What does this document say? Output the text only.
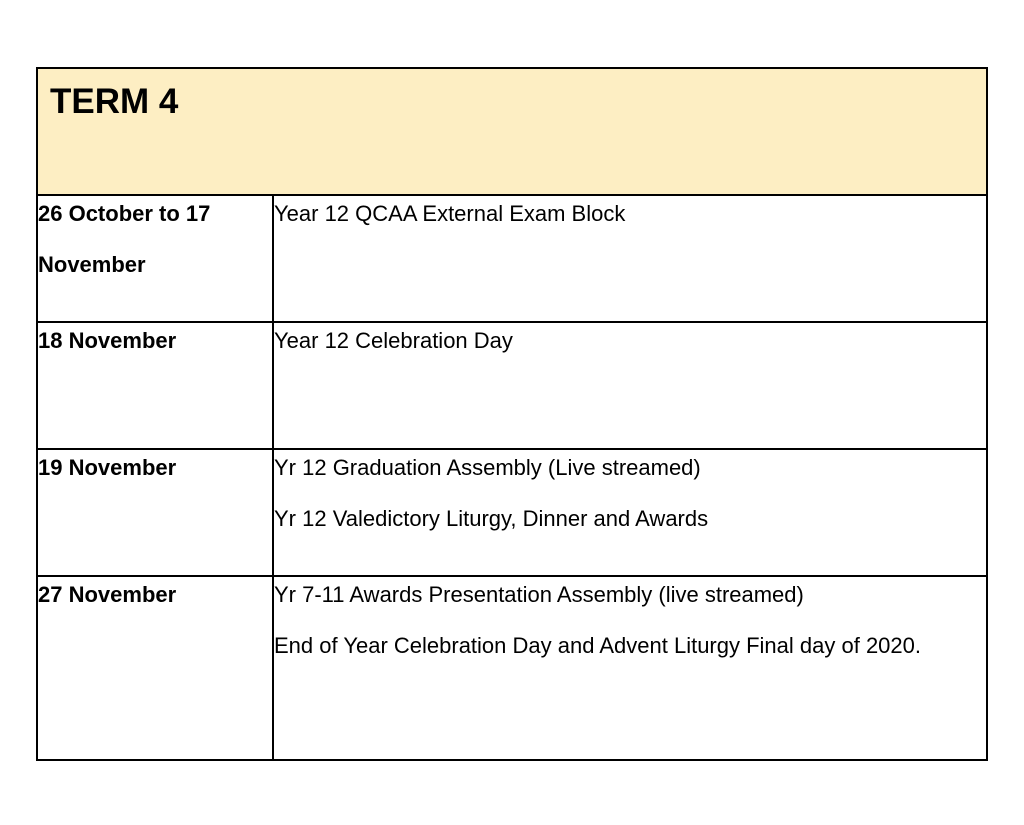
TERM 4	

26 October to 17 November	Year 12 QCAA External Exam Block

18 November	Year 12 Celebration Day

19 November	Yr 12 Graduation Assembly (Live streamed)
Yr 12 Valedictory Liturgy, Dinner and Awards

27 November	Yr 7-11 Awards Presentation Assembly (live streamed)
End of Year Celebration Day and Advent Liturgy Final day of 2020.
